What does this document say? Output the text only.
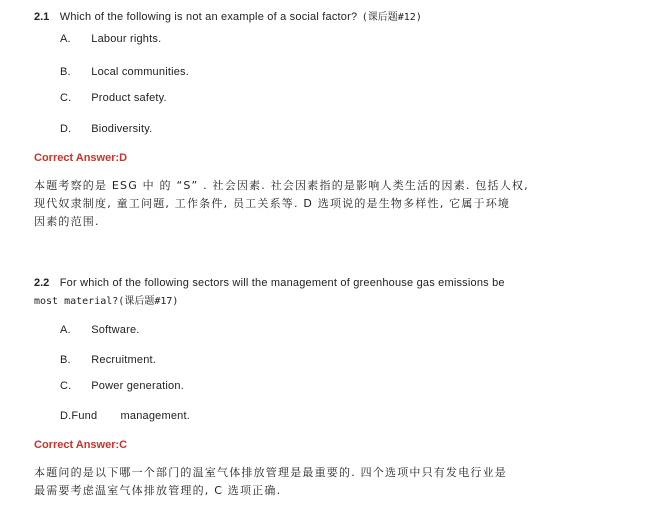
2.1 Which of the following is not an example of a social factor? (课后题#12)
A. Labour rights.
B. Local communities.
C. Product safety.
D. Biodiversity.
Correct Answer:D
本题考察的是 ESG 中 的 “S” . 社会因素. 社会因素指的是影响人类生活的因素. 包括人权,
现代奴隶制度, 童工问题, 工作条件, 员工关系等. D 选项说的是生物多样性, 它属于环境
因素的范围.
2.2 For which of the following sectors will the management of greenhouse gas emissions be
most material?(课后题#17)
A. Software.
B. Recruitment.
C. Power generation.
D.Fund management.
Correct Answer:C
本题问的是以下哪一个部门的温室气体排放管理是最重要的. 四个选项中只有发电行业是
最需要考虑温室气体排放管理的, C 选项正确.
